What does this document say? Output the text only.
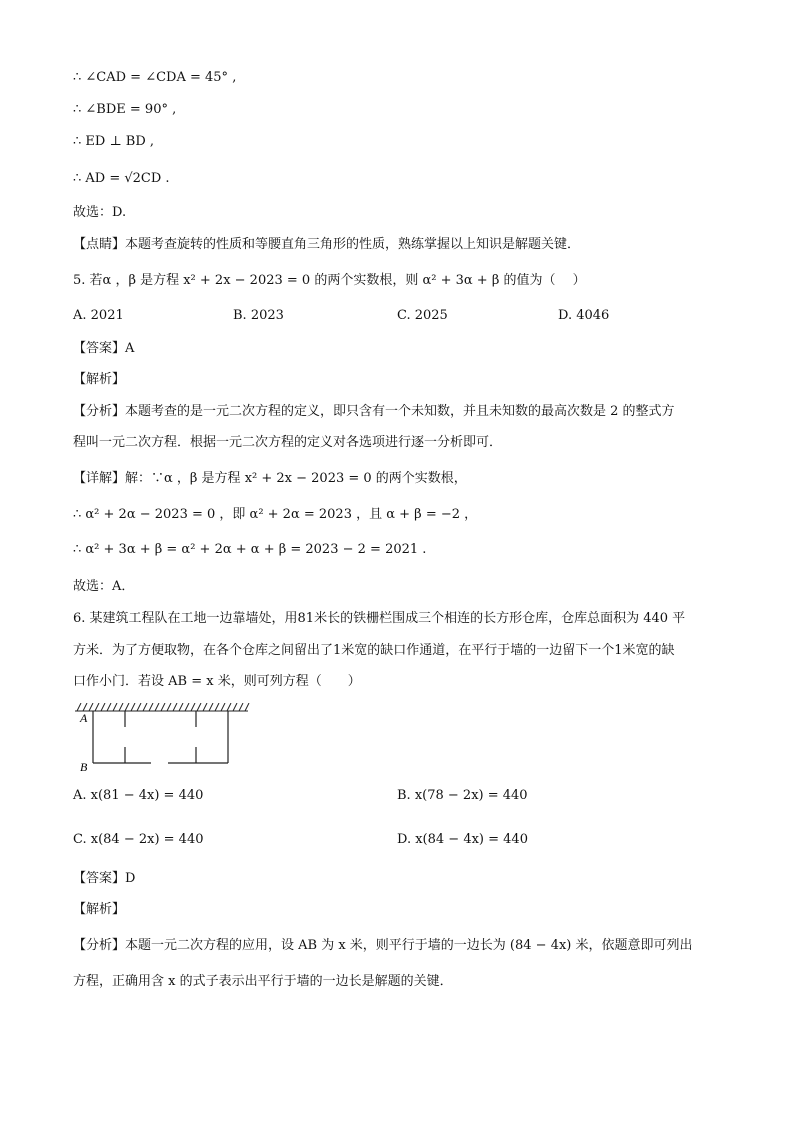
∴ ∠CAD = ∠CDA = 45° ,
∴ ∠BDE = 90° ,
∴ ED ⊥ BD ,
∴ AD = √2CD .
故选：D.
【点睛】本题考查旋转的性质和等腰直角三角形的性质，熟练掌握以上知识是解题关键．
5. 若α ，β 是方程 x² + 2x − 2023 = 0 的两个实数根，则 α² + 3α + β 的值为（　 ）
A. 2021	B. 2023	C. 2025	D. 4046
【答案】A
【解析】
【分析】本题考查的是一元二次方程的定义，即只含有一个未知数，并且未知数的最高次数是 2 的整式方
程叫一元二次方程．根据一元二次方程的定义对各选项进行逐一分析即可．
【详解】解：∵α ，β 是方程 x² + 2x − 2023 = 0 的两个实数根，
∴ α² + 2α − 2023 = 0 ，即 α² + 2α = 2023 ，且 α + β = −2 ，
∴ α² + 3α + β = α² + 2α + α + β = 2023 − 2 = 2021 .
故选：A．
6. 某建筑工程队在工地一边靠墙处，用81米长的铁栅栏围成三个相连的长方形仓库，仓库总面积为 440 平
方米．为了方便取物，在各个仓库之间留出了1米宽的缺口作通道，在平行于墙的一边留下一个1米宽的缺
口作小门．若设 AB = x 米，则可列方程（　　）
A
B
A. x(81 − 4x) = 440	B. x(78 − 2x) = 440
C. x(84 − 2x) = 440	D. x(84 − 4x) = 440
【答案】D
【解析】
【分析】本题一元二次方程的应用，设 AB 为 x 米，则平行于墙的一边长为 (84 − 4x) 米，依题意即可列出
方程，正确用含 x 的式子表示出平行于墙的一边长是解题的关键．
